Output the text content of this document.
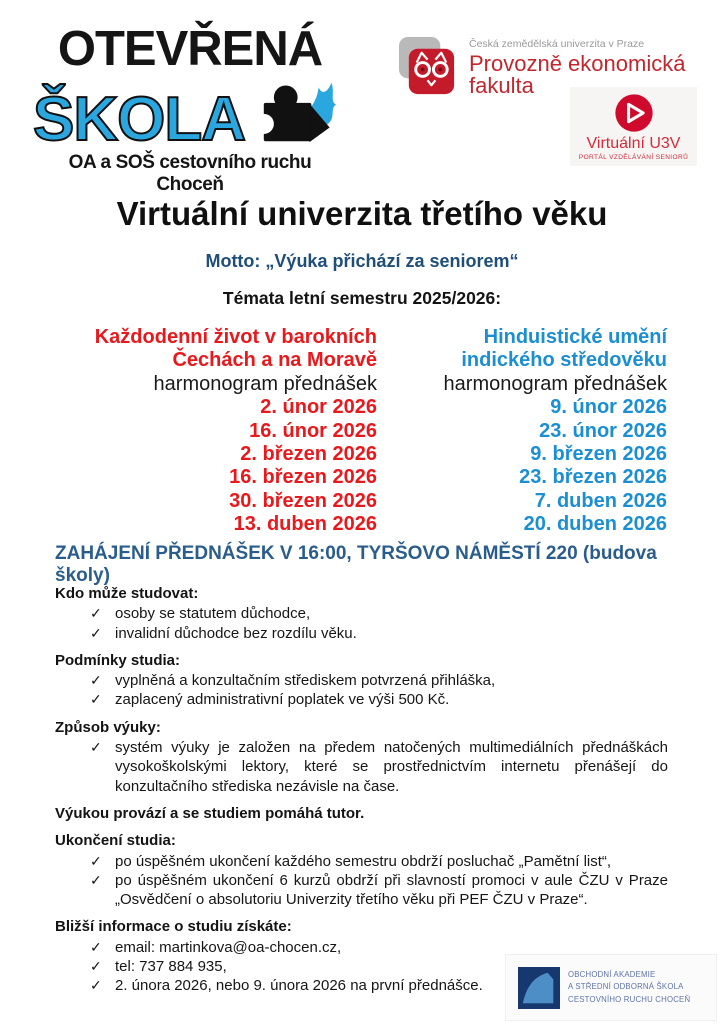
OTEVŘENÁ
ŠKOLA
OA a SOŠ cestovního ruchu Choceň
Česká zemědělská univerzita v Praze
Provozně ekonomická
fakulta
Virtuální U3V
PORTÁL VZDĚLÁVÁNÍ SENIORŮ
Virtuální univerzita třetího věku
Motto: „Výuka přichází za seniorem“
Témata letní semestru 2025/2026:
Každodenní život v barokních
Čechách a na Moravě
harmonogram přednášek
2. únor 2026
16. únor 2026
2. březen 2026
16. březen 2026
30. březen 2026
13. duben 2026
Hinduistické umění
indického středověku
harmonogram přednášek
9. únor 2026
23. únor 2026
9. březen 2026
23. březen 2026
7. duben 2026
20. duben 2026
ZAHÁJENÍ PŘEDNÁŠEK V 16:00, TYRŠOVO NÁMĚSTÍ 220 (budova školy)
Kdo může studovat:
✓ osoby se statutem důchodce,
✓ invalidní důchodce bez rozdílu věku.
Podmínky studia:
✓ vyplněná a konzultačním střediskem potvrzená přihláška,
✓ zaplacený administrativní poplatek ve výši 500 Kč.
Způsob výuky:
✓ systém výuky je založen na předem natočených multimediálních přednáškách vysokoškolskými lektory, které se prostřednictvím internetu přenášejí do konzultačního střediska nezávisle na čase.
Výukou provází a se studiem pomáhá tutor.
Ukončení studia:
✓ po úspěšném ukončení každého semestru obdrží posluchač „Pamětní list“,
✓ po úspěšném ukončení 6 kurzů obdrží při slavností promoci v aule ČZU v Praze „Osvědčení o absolutoriu Univerzity třetího věku při PEF ČZU v Praze“.
Bližší informace o studiu získáte:
✓ email: martinkova@oa-chocen.cz,
✓ tel: 737 884 935,
✓ 2. února 2026, nebo 9. února 2026 na první přednášce.
OBCHODNÍ AKADEMIE
A STŘEDNÍ ODBORNÁ ŠKOLA
CESTOVNÍHO RUCHU CHOCEŇ
